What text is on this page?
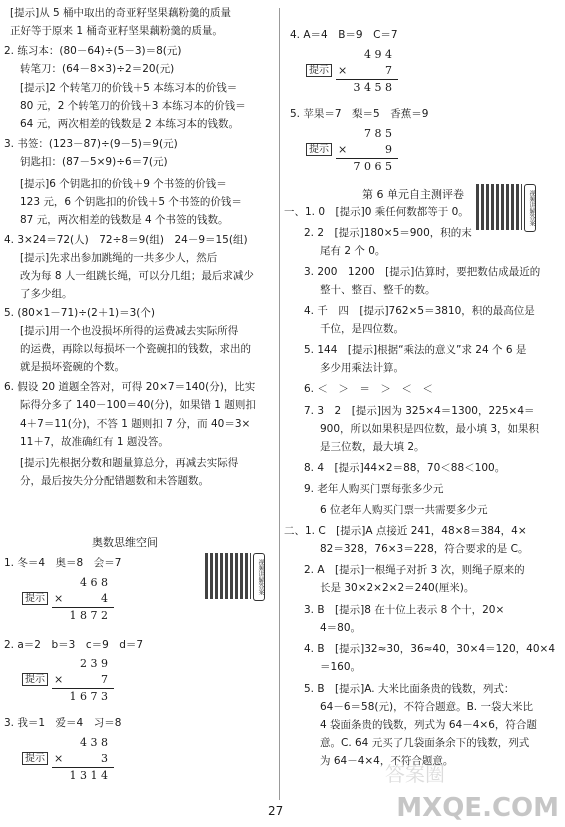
[提示]从 5 桶中取出的奇亚籽坚果藕粉羹的质量
正好等于原来 1 桶奇亚籽坚果藕粉羹的质量。
2. 练习本：(80－64)÷(5－3)＝8(元)
转笔刀：(64－8×3)÷2＝20(元)
[提示]2 个转笔刀的价钱＋5 本练习本的价钱＝
80 元，2 个转笔刀的价钱＋3 本练习本的价钱＝
64 元，两次相差的钱数是 2 本练习本的钱数。
3. 书签：(123－87)÷(9－5)＝9(元)
钥匙扣：(87－5×9)÷6＝7(元)
[提示]6 个钥匙扣的价钱＋9 个书签的价钱＝
123 元，6 个钥匙扣的价钱＋5 个书签的价钱＝
87 元，两次相差的钱数是 4 个书签的钱数。
4. 3×24＝72(人)　72÷8＝9(组)　24－9＝15(组)
[提示]先求出参加跳绳的一共多少人，然后
改为每 8 人一组跳长绳，可以分几组；最后求减少
了多少组。
5. (80×1－71)÷(2＋1)＝3(个)
[提示]用一个也没损坏所得的运费减去实际所得
的运费，再除以每损坏一个瓷碗扣的钱数，求出的
就是损坏瓷碗的个数。
6. 假设 20 道题全答对，可得 20×7＝140(分)，比实
际得分多了 140－100＝40(分)，如果错 1 题则扣
4＋7＝11(分)，不答 1 题则扣 7 分，而 40＝3×
11＋7，故准确红有 1 题没答。
[提示]先根据分数和题量算总分，再减去实际得
分，最后按失分分配错题数和未答题数。
奥数思维空间
1. 冬＝4　奥＝8　会＝7
2. a＝2　b＝3　c＝9　d＝7
3. 我＝1　爱＝4　习＝8
提示 ×
4 6 8
4
1 8 7 2
提示 ×
2 3 9
7
1 6 7 3
提示 ×
4 3 8
3
1 3 1 4
视频讲解答案
4. A＝4　B＝9　C＝7
5. 苹果＝7　梨＝5　香蕉＝9
提示 ×
4 9 4
7
3 4 5 8
提示 ×
7 8 5
9
7 0 6 5
第 6 单元自主测评卷	视频讲解答案
一、1. 0　[提示]0 乘任何数都等于 0。
2. 2　[提示]180×5＝900，积的末
尾有 2 个 0。
3. 200　1200　[提示]估算时，要把数估成最近的
整十、整百、整千的数。
4. 千　四　[提示]762×5＝3810，积的最高位是
千位，是四位数。
5. 144　[提示]根据“乘法的意义”求 24 个 6 是
多少用乘法计算。
6. ＜　＞　＝　＞　＜　＜
7. 3　2　[提示]因为 325×4＝1300，225×4＝
900，所以如果积是四位数，最小填 3，如果积
是三位数，最大填 2。
8. 4　[提示]44×2＝88，70＜88＜100。
9. 老年人购买门票每张多少元
6 位老年人购买门票一共需要多少元
二、1. C　[提示]A 点接近 241，48×8＝384，4×
82＝328，76×3＝228，符合要求的是 C。
2. A　[提示]一根绳子对折 3 次，则绳子原来的
长是 30×2×2×2＝240(厘米)。
3. B　[提示]8 在十位上表示 8 个十，20×
4＝80。
4. B　[提示]32≈30，36≈40，30×4＝120，40×4
＝160。
5. B　[提示]A. 大米比面条贵的钱数，列式：
64－6＝58(元)，不符合题意。B. 一袋大米比
4 袋面条贵的钱数，列式为 64－4×6，符合题
意。C. 64 元买了几袋面条余下的钱数，列式
为 64－4×4，不符合题意。
27
答案圈
MXQE.COM
